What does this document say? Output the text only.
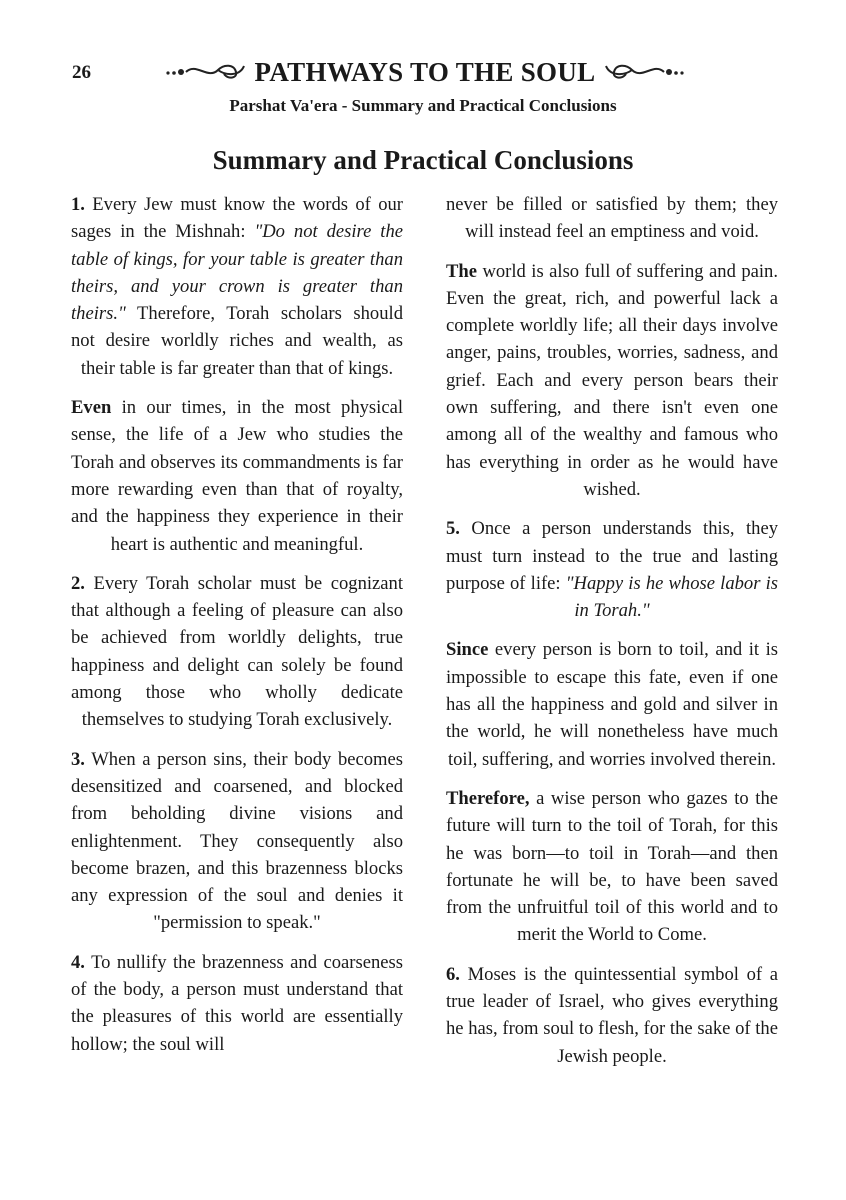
26	PATHWAYS TO THE SOUL
Parshat Va'era - Summary and Practical Conclusions
Summary and Practical Conclusions

1. Every Jew must know the words of our sages in the Mishnah: "Do not desire the table of kings, for your table is greater than theirs, and your crown is greater than theirs." Therefore, Torah scholars should not desire worldly riches and wealth, as their table is far greater than that of kings.

Even in our times, in the most physical sense, the life of a Jew who studies the Torah and observes its commandments is far more rewarding even than that of royalty, and the happiness they experience in their heart is authentic and meaningful.

2. Every Torah scholar must be cognizant that although a feeling of pleasure can also be achieved from worldly delights, true happiness and delight can solely be found among those who wholly dedicate themselves to studying Torah exclusively.

3. When a person sins, their body becomes desensitized and coarsened, and blocked from beholding divine visions and enlightenment. They consequently also become brazen, and this brazenness blocks any expression of the soul and denies it "permission to speak."

4. To nullify the brazenness and coarseness of the body, a person must understand that the pleasures of this world are essentially hollow; the soul will

never be filled or satisfied by them; they will instead feel an emptiness and void.

The world is also full of suffering and pain. Even the great, rich, and powerful lack a complete worldly life; all their days involve anger, pains, troubles, worries, sadness, and grief. Each and every person bears their own suffering, and there isn't even one among all of the wealthy and famous who has everything in order as he would have wished.

5. Once a person understands this, they must turn instead to the true and lasting purpose of life: "Happy is he whose labor is in Torah."

Since every person is born to toil, and it is impossible to escape this fate, even if one has all the happiness and gold and silver in the world, he will nonetheless have much toil, suffering, and worries involved therein.

Therefore, a wise person who gazes to the future will turn to the toil of Torah, for this he was born—to toil in Torah—and then fortunate he will be, to have been saved from the unfruitful toil of this world and to merit the World to Come.

6. Moses is the quintessential symbol of a true leader of Israel, who gives everything he has, from soul to flesh, for the sake of the Jewish people.
